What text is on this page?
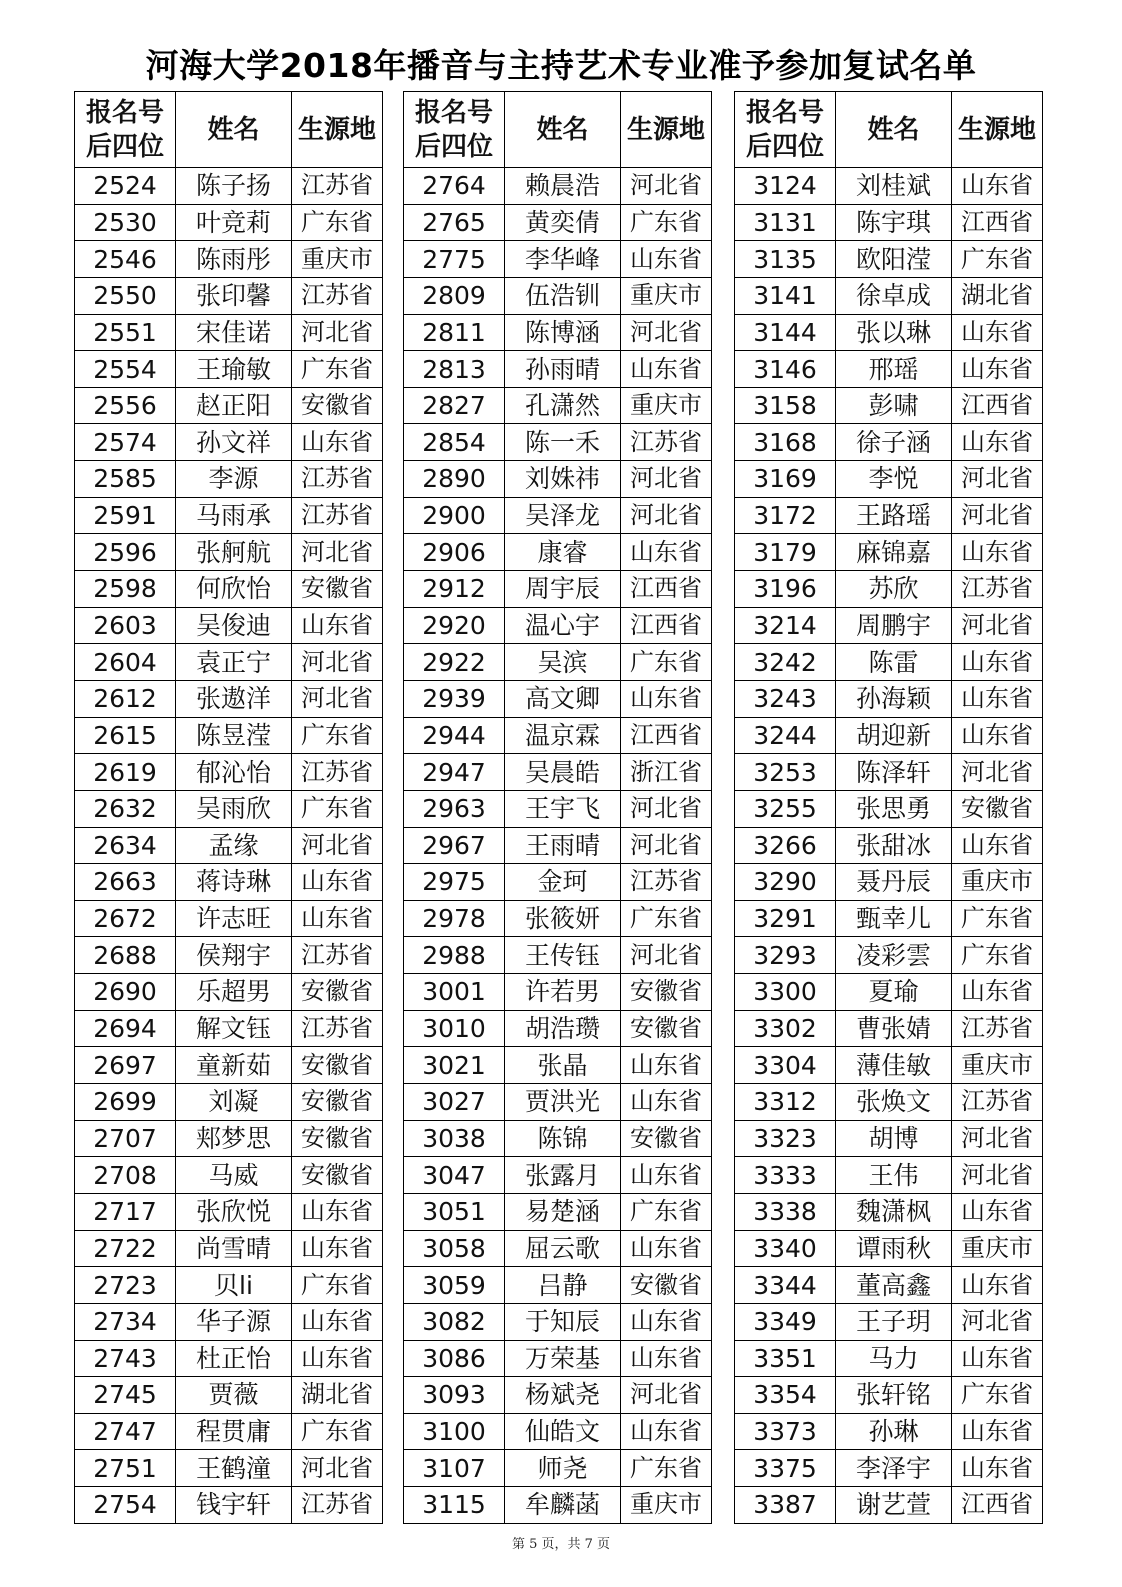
河海大学2018年播音与主持艺术专业准予参加复试名单
报名号
后四位	姓名	生源地
2524	陈子扬	江苏省
2530	叶竞莉	广东省
2546	陈雨彤	重庆市
2550	张印馨	江苏省
2551	宋佳诺	河北省
2554	王瑜敏	广东省
2556	赵正阳	安徽省
2574	孙文祥	山东省
2585	李源	江苏省
2591	马雨承	江苏省
2596	张舸航	河北省
2598	何欣怡	安徽省
2603	吴俊迪	山东省
2604	袁正宁	河北省
2612	张遨洋	河北省
2615	陈昱滢	广东省
2619	郁沁怡	江苏省
2632	吴雨欣	广东省
2634	孟缘	河北省
2663	蒋诗琳	山东省
2672	许志旺	山东省
2688	侯翔宇	江苏省
2690	乐超男	安徽省
2694	解文钰	江苏省
2697	童新茹	安徽省
2699	刘凝	安徽省
2707	郏梦思	安徽省
2708	马威	安徽省
2717	张欣悦	山东省
2722	尚雪晴	山东省
2723	贝li	广东省
2734	华子源	山东省
2743	杜正怡	山东省
2745	贾薇	湖北省
2747	程贯庸	广东省
2751	王鹤潼	河北省
2754	钱宇轩	江苏省
报名号
后四位	姓名	生源地
2764	赖晨浩	河北省
2765	黄奕倩	广东省
2775	李华峰	山东省
2809	伍浩钏	重庆市
2811	陈博涵	河北省
2813	孙雨晴	山东省
2827	孔潇然	重庆市
2854	陈一禾	江苏省
2890	刘姝祎	河北省
2900	吴泽龙	河北省
2906	康睿	山东省
2912	周宇辰	江西省
2920	温心宇	江西省
2922	吴滨	广东省
2939	高文卿	山东省
2944	温京霖	江西省
2947	吴晨皓	浙江省
2963	王宇飞	河北省
2967	王雨晴	河北省
2975	金珂	江苏省
2978	张筱妍	广东省
2988	王传钰	河北省
3001	许若男	安徽省
3010	胡浩瓒	安徽省
3021	张晶	山东省
3027	贾洪光	山东省
3038	陈锦	安徽省
3047	张露月	山东省
3051	易楚涵	广东省
3058	屈云歌	山东省
3059	吕静	安徽省
3082	于知辰	山东省
3086	万荣基	山东省
3093	杨斌尧	河北省
3100	仙皓文	山东省
3107	师尧	广东省
3115	牟麟菡	重庆市
报名号
后四位	姓名	生源地
3124	刘桂斌	山东省
3131	陈宇琪	江西省
3135	欧阳滢	广东省
3141	徐卓成	湖北省
3144	张以琳	山东省
3146	邢瑶	山东省
3158	彭啸	江西省
3168	徐子涵	山东省
3169	李悦	河北省
3172	王路瑶	河北省
3179	麻锦嘉	山东省
3196	苏欣	江苏省
3214	周鹏宇	河北省
3242	陈雷	山东省
3243	孙海颖	山东省
3244	胡迎新	山东省
3253	陈泽轩	河北省
3255	张思勇	安徽省
3266	张甜冰	山东省
3290	聂丹辰	重庆市
3291	甄幸儿	广东省
3293	凌彩雲	广东省
3300	夏瑜	山东省
3302	曹张婧	江苏省
3304	薄佳敏	重庆市
3312	张焕文	江苏省
3323	胡博	河北省
3333	王伟	河北省
3338	魏潇枫	山东省
3340	谭雨秋	重庆市
3344	董高鑫	山东省
3349	王子玥	河北省
3351	马力	山东省
3354	张轩铭	广东省
3373	孙琳	山东省
3375	李泽宇	山东省
3387	谢艺萱	江西省
第 5 页，共 7 页
